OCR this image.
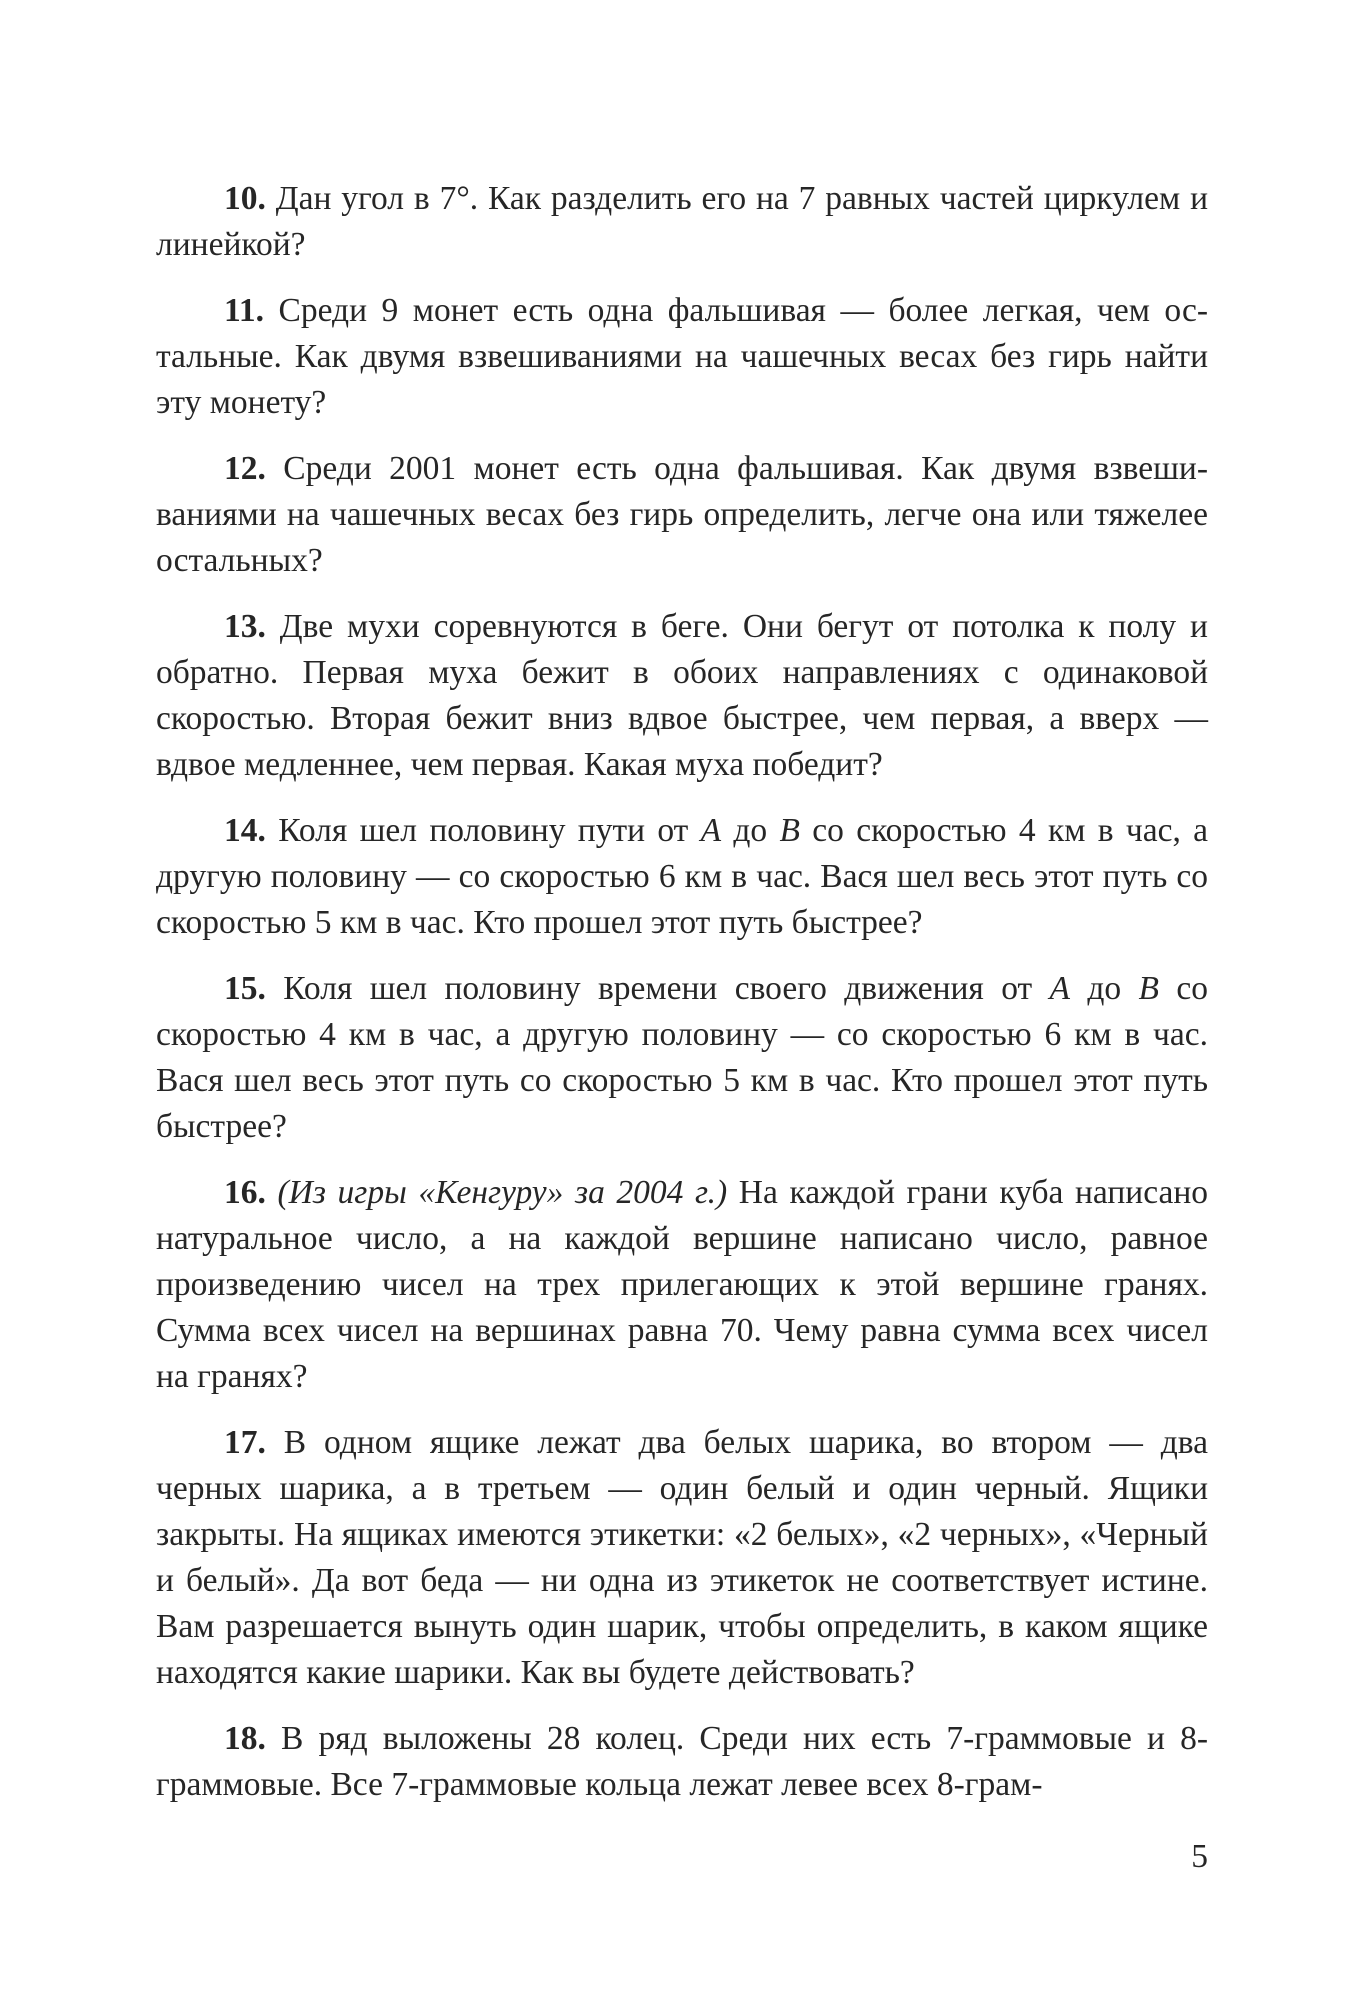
10. Дан угол в 7°. Как разделить его на 7 равных частей циркулем и линейкой?

11. Среди 9 монет есть одна фальшивая — более легкая, чем остальные. Как двумя взвешиваниями на чашечных весах без гирь найти эту монету?

12. Среди 2001 монет есть одна фальшивая. Как двумя взвешиваниями на чашечных весах без гирь определить, легче она или тяжелее остальных?

13. Две мухи соревнуются в беге. Они бегут от потолка к полу и обратно. Первая муха бежит в обоих направлениях с одинаковой скоростью. Вторая бежит вниз вдвое быстрее, чем первая, а вверх — вдвое медленнее, чем первая. Какая муха победит?

14. Коля шел половину пути от A до B со скоростью 4 км в час, а другую половину — со скоростью 6 км в час. Вася шел весь этот путь со скоростью 5 км в час. Кто прошел этот путь быстрее?

15. Коля шел половину времени своего движения от A до B со скоростью 4 км в час, а другую половину — со скоростью 6 км в час. Вася шел весь этот путь со скоростью 5 км в час. Кто прошел этот путь быстрее?

16. (Из игры «Кенгуру» за 2004 г.) На каждой грани куба написано натуральное число, а на каждой вершине написано число, равное произведению чисел на трех прилегающих к этой вершине гранях. Сумма всех чисел на вершинах равна 70. Чему равна сумма всех чисел на гранях?

17. В одном ящике лежат два белых шарика, во втором — два черных шарика, а в третьем — один белый и один черный. Ящики закрыты. На ящиках имеются этикетки: «2 белых», «2 черных», «Черный и белый». Да вот беда — ни одна из этикеток не соответствует истине. Вам разрешается вынуть один шарик, чтобы определить, в каком ящике находятся какие шарики. Как вы будете действовать?

18. В ряд выложены 28 колец. Среди них есть 7-граммовые и 8-граммовые. Все 7-граммовые кольца лежат левее всех 8-грам-

5
